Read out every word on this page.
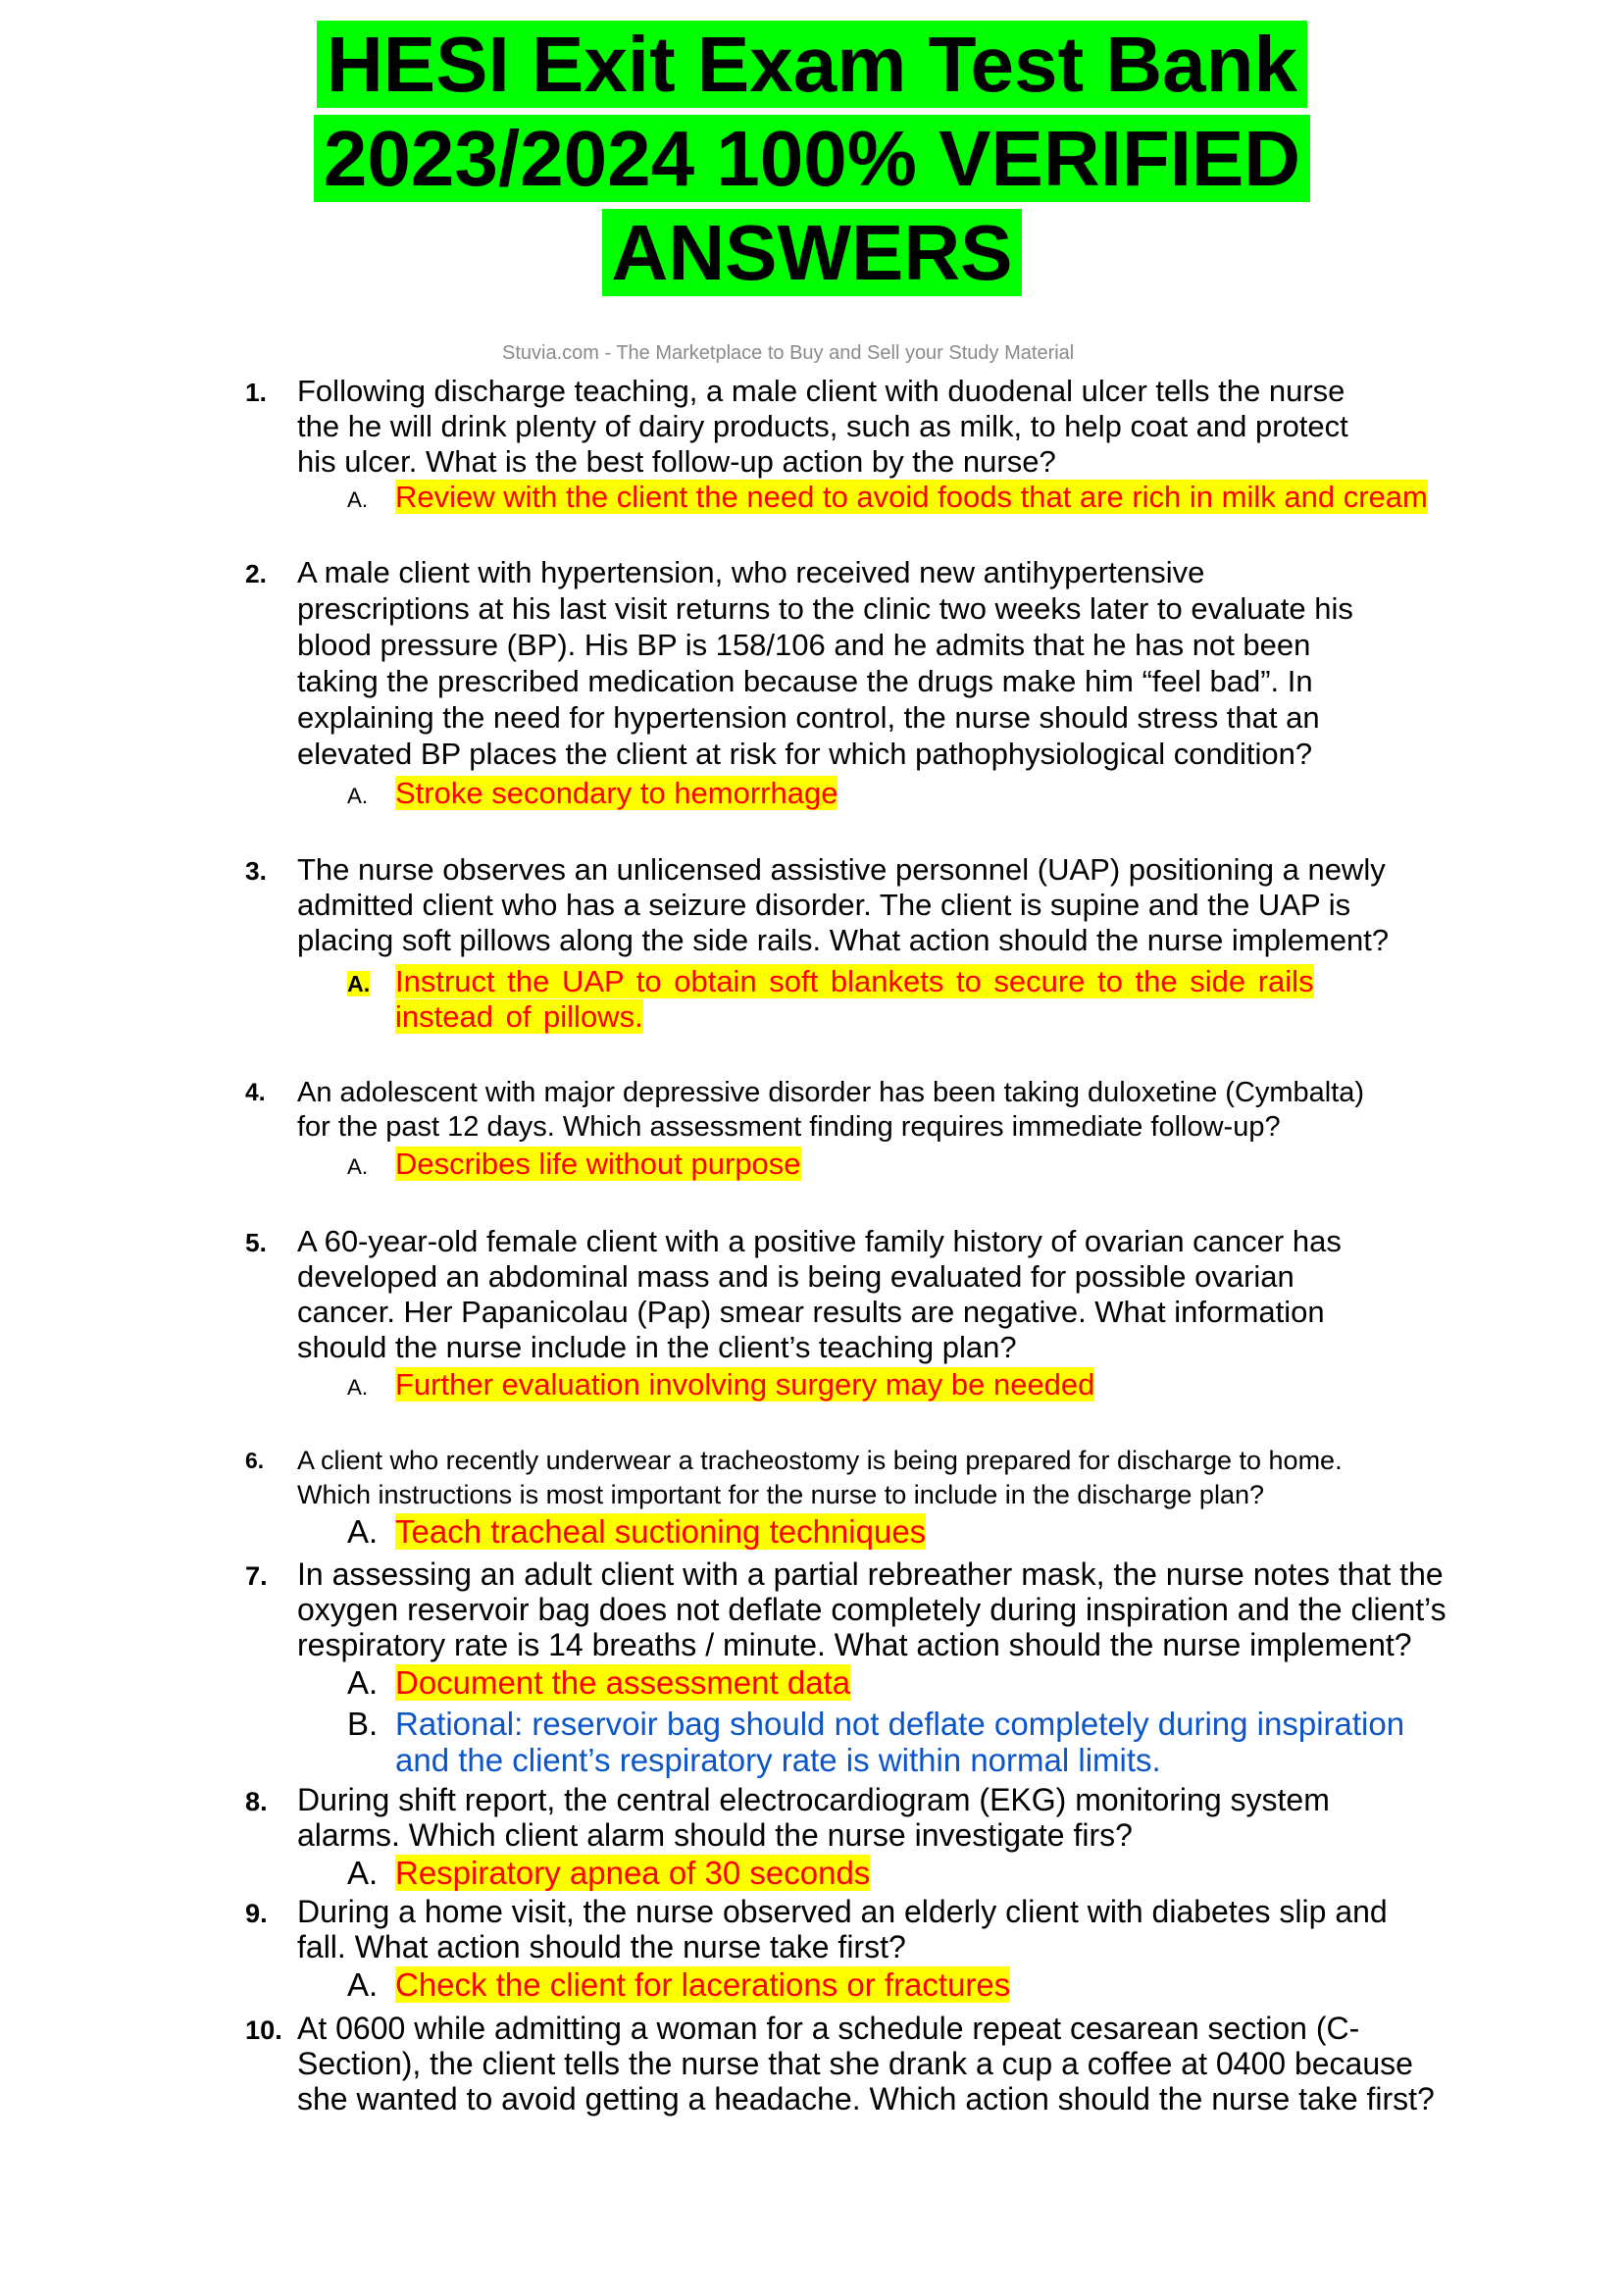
HESI Exit Exam Test Bank
2023/2024 100% VERIFIED
ANSWERS
Stuvia.com - The Marketplace to Buy and Sell your Study Material
1.	Following discharge teaching, a male client with duodenal ulcer tells the nurse
the he will drink plenty of dairy products, such as milk, to help coat and protect
his ulcer. What is the best follow-up action by the nurse?
A. Review with the client the need to avoid foods that are rich in milk and cream
2.	A male client with hypertension, who received new antihypertensive
prescriptions at his last visit returns to the clinic two weeks later to evaluate his
blood pressure (BP). His BP is 158/106 and he admits that he has not been
taking the prescribed medication because the drugs make him “feel bad”. In
explaining the need for hypertension control, the nurse should stress that an
elevated BP places the client at risk for which pathophysiological condition?
A. Stroke secondary to hemorrhage
3.	The nurse observes an unlicensed assistive personnel (UAP) positioning a newly
admitted client who has a seizure disorder. The client is supine and the UAP is
placing soft pillows along the side rails. What action should the nurse implement?
A. Instruct the UAP to obtain soft blankets to secure to the side rails
instead of pillows.
4.	An adolescent with major depressive disorder has been taking duloxetine (Cymbalta)
for the past 12 days. Which assessment finding requires immediate follow-up?
A. Describes life without purpose
5.	A 60-year-old female client with a positive family history of ovarian cancer has
developed an abdominal mass and is being evaluated for possible ovarian
cancer. Her Papanicolau (Pap) smear results are negative. What information
should the nurse include in the client’s teaching plan?
A. Further evaluation involving surgery may be needed
6.	A client who recently underwear a tracheostomy is being prepared for discharge to home.
Which instructions is most important for the nurse to include in the discharge plan?
A. Teach tracheal suctioning techniques
7. In assessing an adult client with a partial rebreather mask, the nurse notes that the
oxygen reservoir bag does not deflate completely during inspiration and the client’s
respiratory rate is 14 breaths / minute. What action should the nurse implement?
A. Document the assessment data
B. Rational: reservoir bag should not deflate completely during inspiration
and the client’s respiratory rate is within normal limits.
8. During shift report, the central electrocardiogram (EKG) monitoring system
alarms. Which client alarm should the nurse investigate firs?
A. Respiratory apnea of 30 seconds
9. During a home visit, the nurse observed an elderly client with diabetes slip and
fall. What action should the nurse take first?
A. Check the client for lacerations or fractures
10. At 0600 while admitting a woman for a schedule repeat cesarean section (C-
Section), the client tells the nurse that she drank a cup a coffee at 0400 because
she wanted to avoid getting a headache. Which action should the nurse take first?
